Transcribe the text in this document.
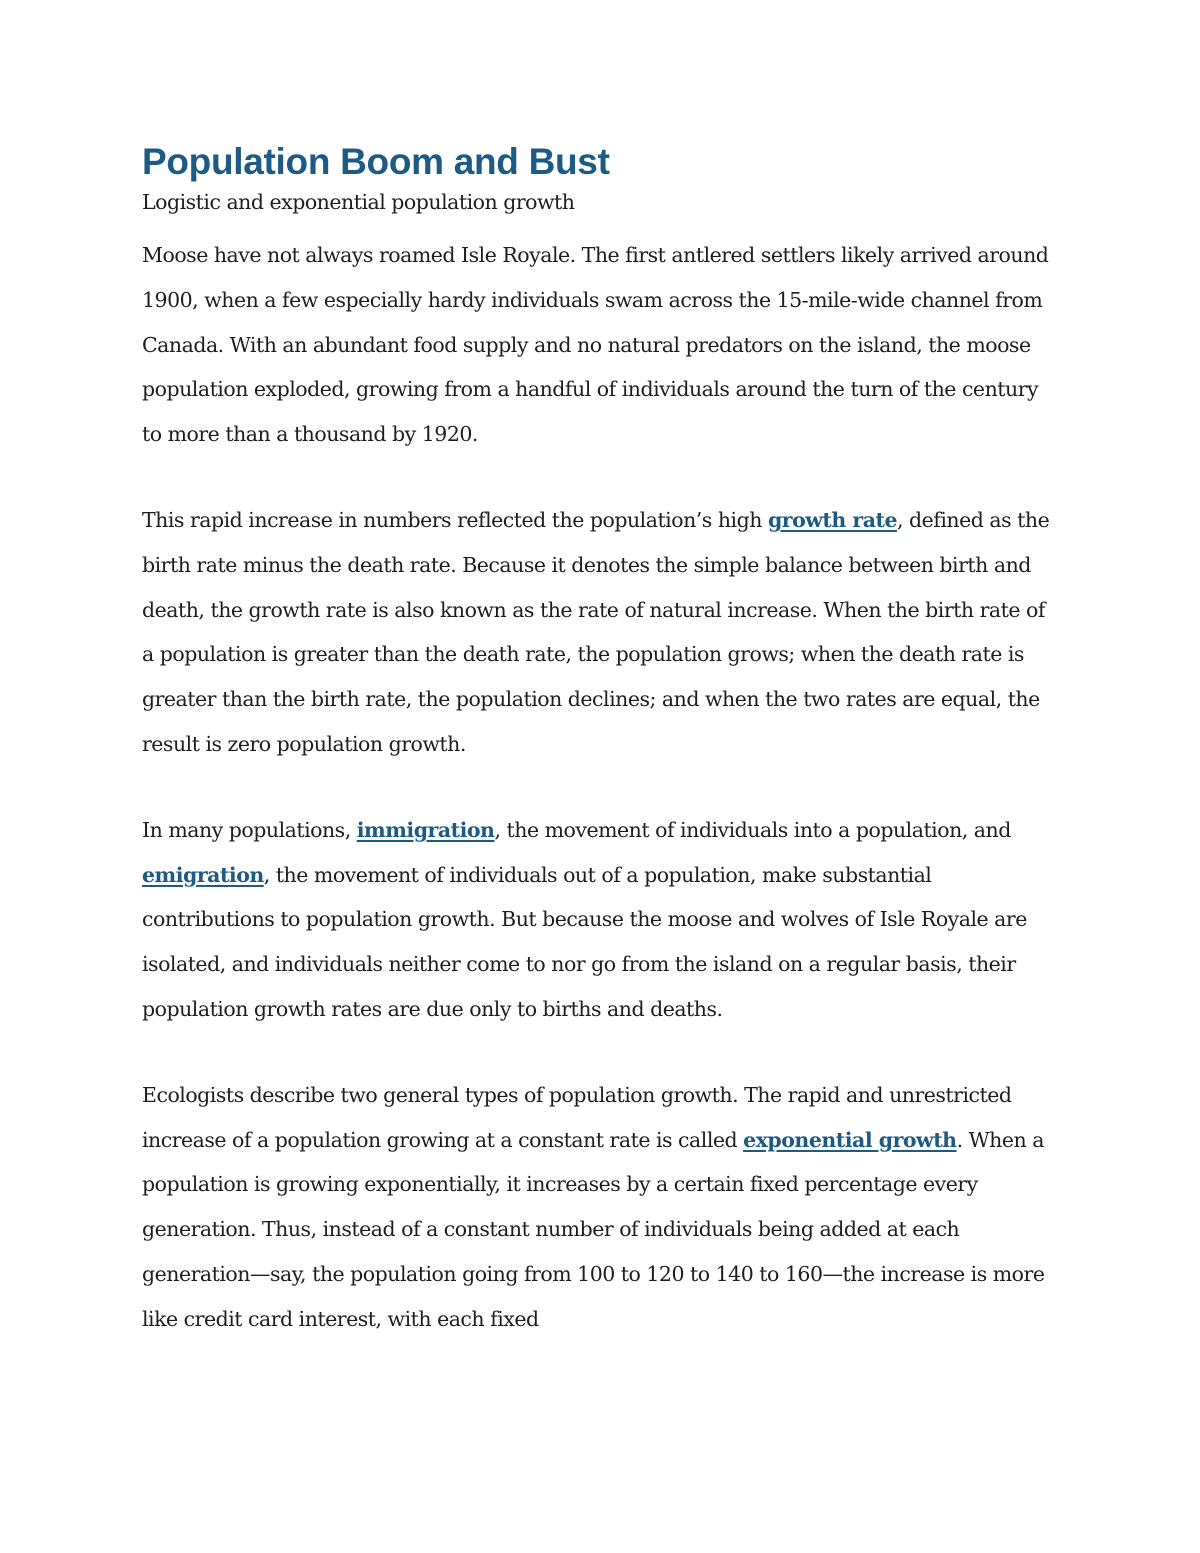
Population Boom and Bust

Logistic and exponential population growth

Moose have not always roamed Isle Royale. The first antlered settlers likely arrived around 1900, when a few especially hardy individuals swam across the 15-mile-wide channel from Canada. With an abundant food supply and no natural predators on the island, the moose population exploded, growing from a handful of individuals around the turn of the century to more than a thousand by 1920.

This rapid increase in numbers reflected the population’s high growth rate, defined as the birth rate minus the death rate. Because it denotes the simple balance between birth and death, the growth rate is also known as the rate of natural increase. When the birth rate of a population is greater than the death rate, the population grows; when the death rate is greater than the birth rate, the population declines; and when the two rates are equal, the result is zero population growth.

In many populations, immigration, the movement of individuals into a population, and emigration, the movement of individuals out of a population, make substantial contributions to population growth. But because the moose and wolves of Isle Royale are isolated, and individuals neither come to nor go from the island on a regular basis, their population growth rates are due only to births and deaths.

Ecologists describe two general types of population growth. The rapid and unrestricted increase of a population growing at a constant rate is called exponential growth. When a population is growing exponentially, it increases by a certain fixed percentage every generation. Thus, instead of a constant number of individuals being added at each generation—say, the population going from 100 to 120 to 140 to 160—the increase is more like credit card interest, with each fixed
